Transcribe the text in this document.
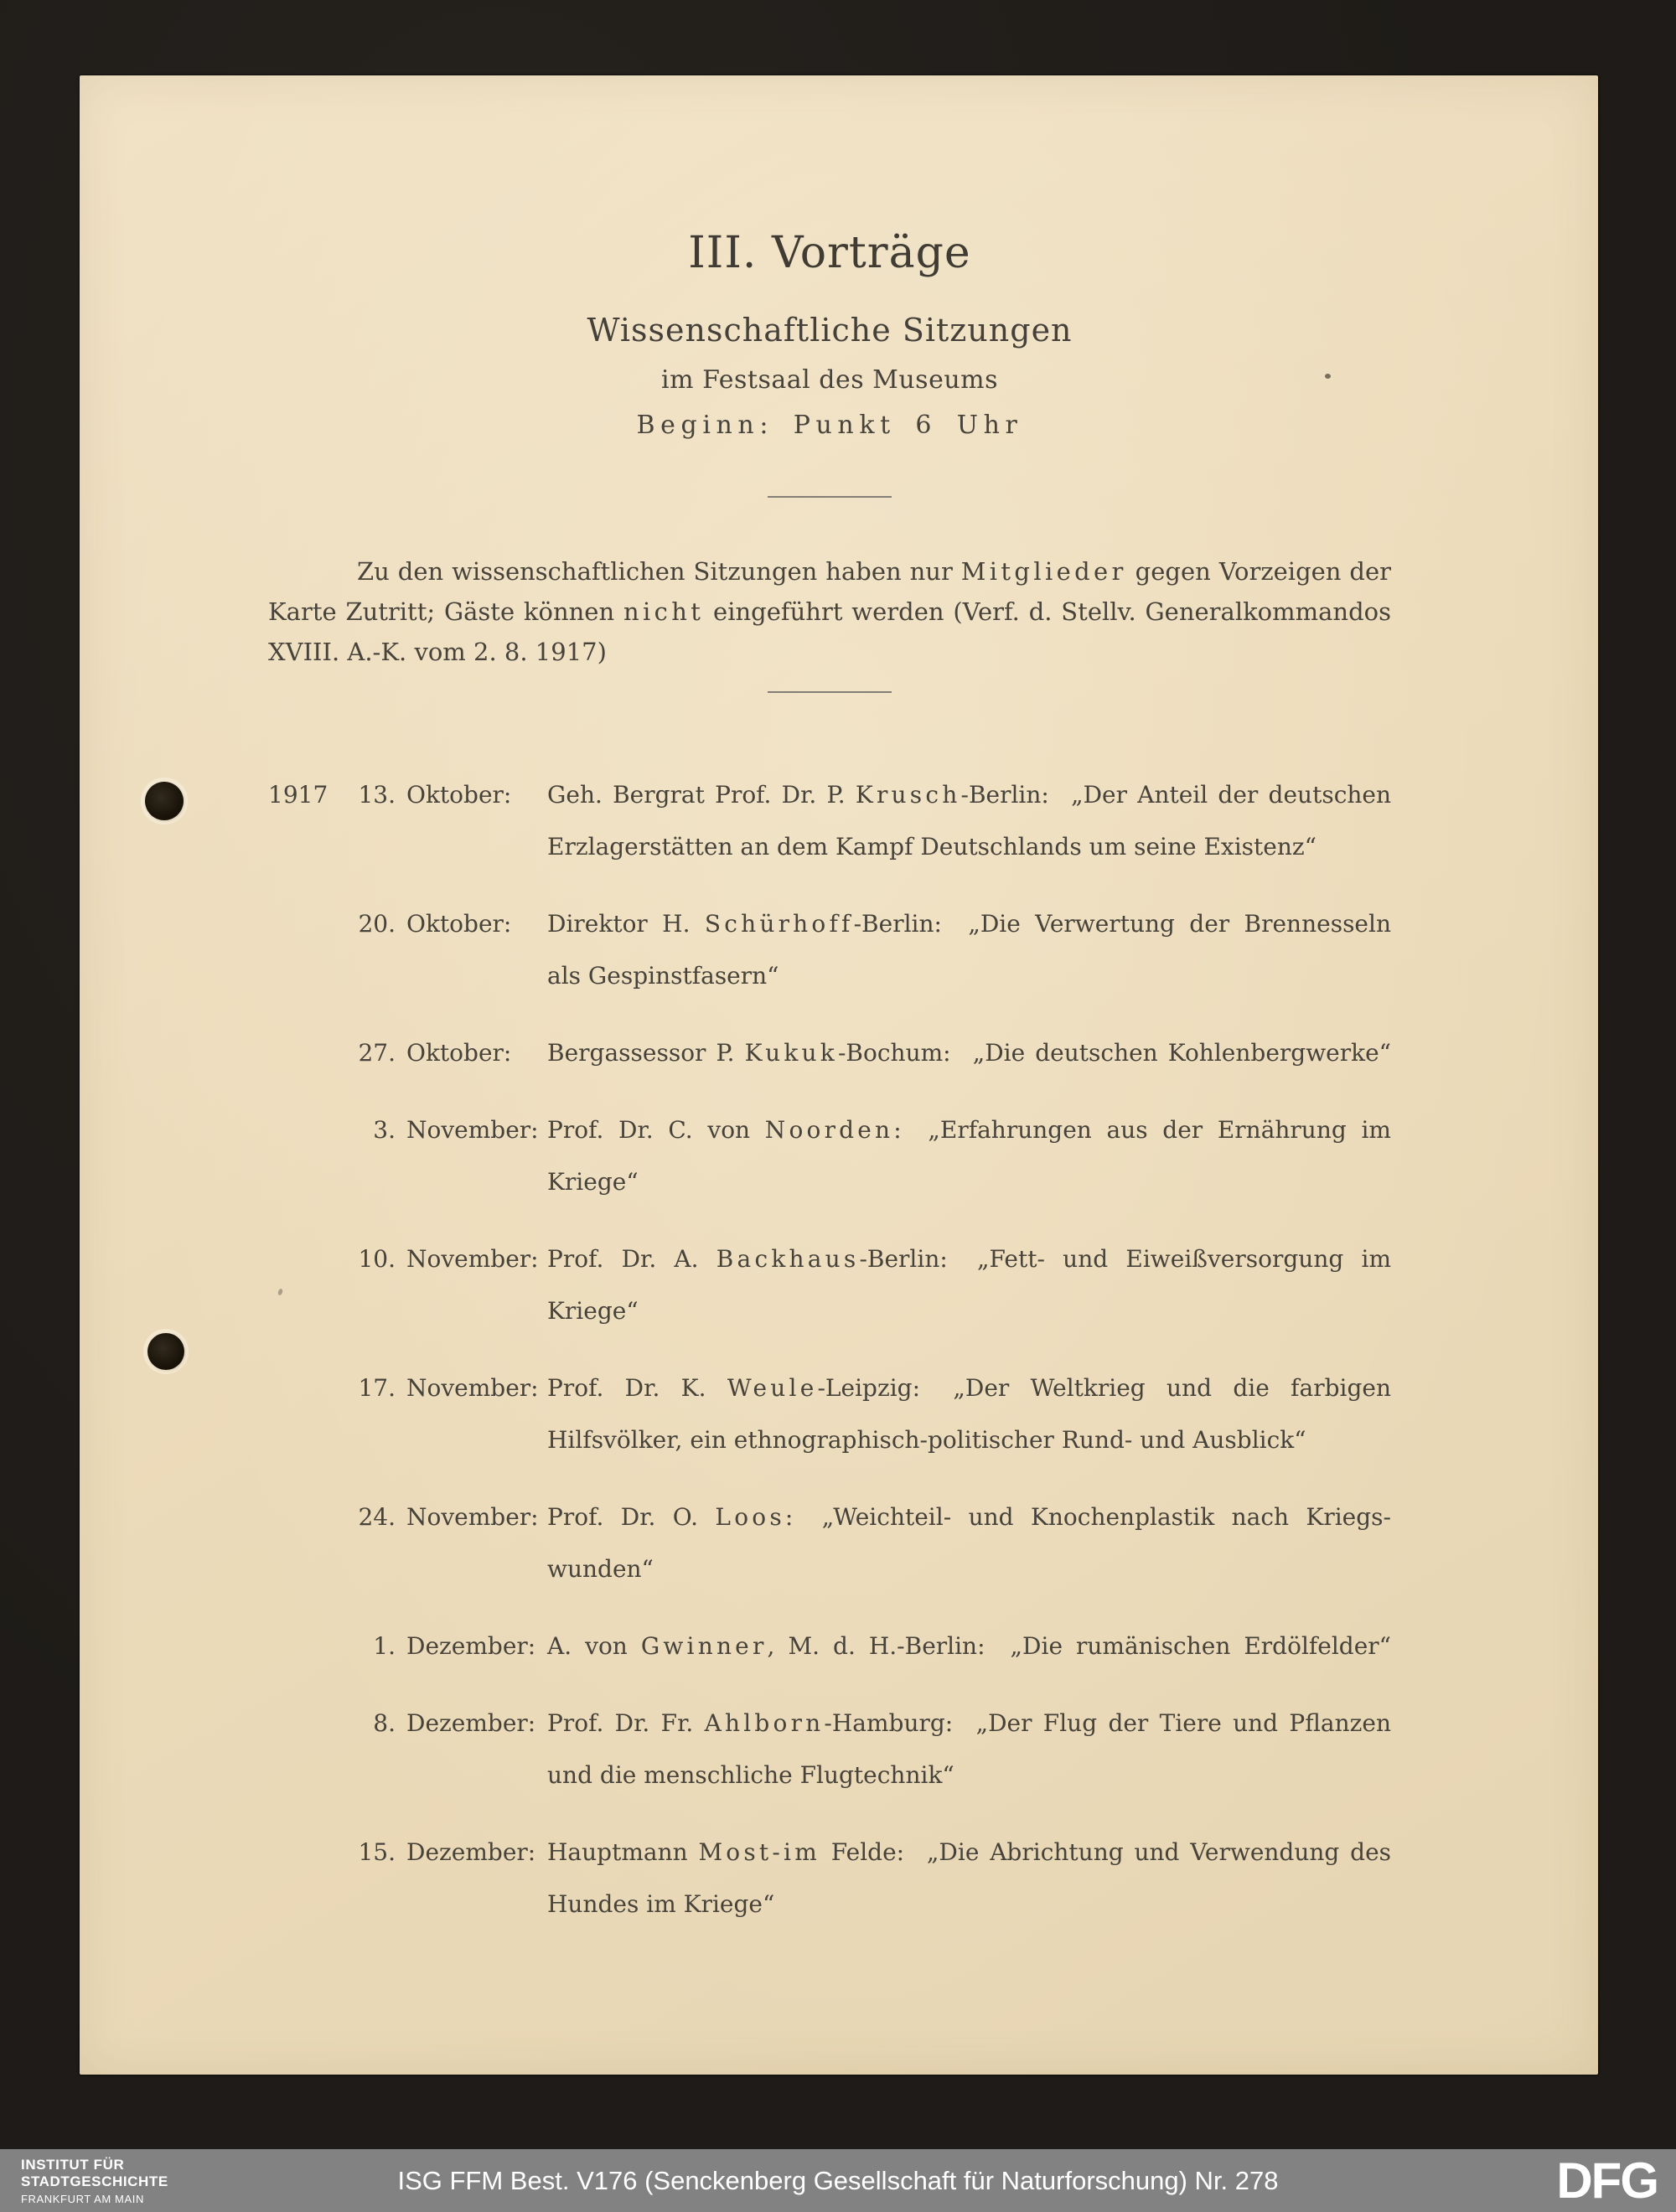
III. Vorträge
Wissenschaftliche Sitzungen
im Festsaal des Museums
Beginn: Punkt 6 Uhr
Zu den wissenschaftlichen Sitzungen haben nur Mitglieder gegen Vorzeigen der
Karte Zutritt; Gäste können nicht eingeführt werden (Verf. d. Stellv. Generalkommandos
XVIII. A.-K. vom 2. 8. 1917)
1917	13. Oktober: Geh. Bergrat Prof. Dr. P. Krusch-Berlin:  „Der Anteil der deutschen
Erzlagerstätten an dem Kampf Deutschlands um seine Existenz“
20. Oktober: Direktor H. Schürhoff-Berlin:  „Die Verwertung der Brennesseln
als Gespinstfasern“
27. Oktober: Bergassessor P. Kukuk-Bochum:  „Die deutschen Kohlenbergwerke“
3. November: Prof. Dr. C. von Noorden:  „Erfahrungen aus der Ernährung im
Kriege“
10. November: Prof. Dr. A. Backhaus-Berlin:  „Fett- und Eiweißversorgung im
Kriege“
17. November: Prof. Dr. K. Weule-Leipzig:  „Der Weltkrieg und die farbigen
Hilfsvölker, ein ethnographisch-politischer Rund- und Ausblick“
24. November: Prof. Dr. O. Loos:  „Weichteil- und Knochenplastik nach Kriegs-
wunden“
1. Dezember: A. von Gwinner, M. d. H.-Berlin:  „Die rumänischen Erdölfelder“
8. Dezember: Prof. Dr. Fr. Ahlborn-Hamburg:  „Der Flug der Tiere und Pflanzen
und die menschliche Flugtechnik“
15. Dezember: Hauptmann Most-im Felde:  „Die Abrichtung und Verwendung des
Hundes im Kriege“
INSTITUT FÜR
STADTGESCHICHTE
FRANKFURT AM MAIN
ISG FFM Best. V176 (Senckenberg Gesellschaft für Naturforschung) Nr. 278	DFG
